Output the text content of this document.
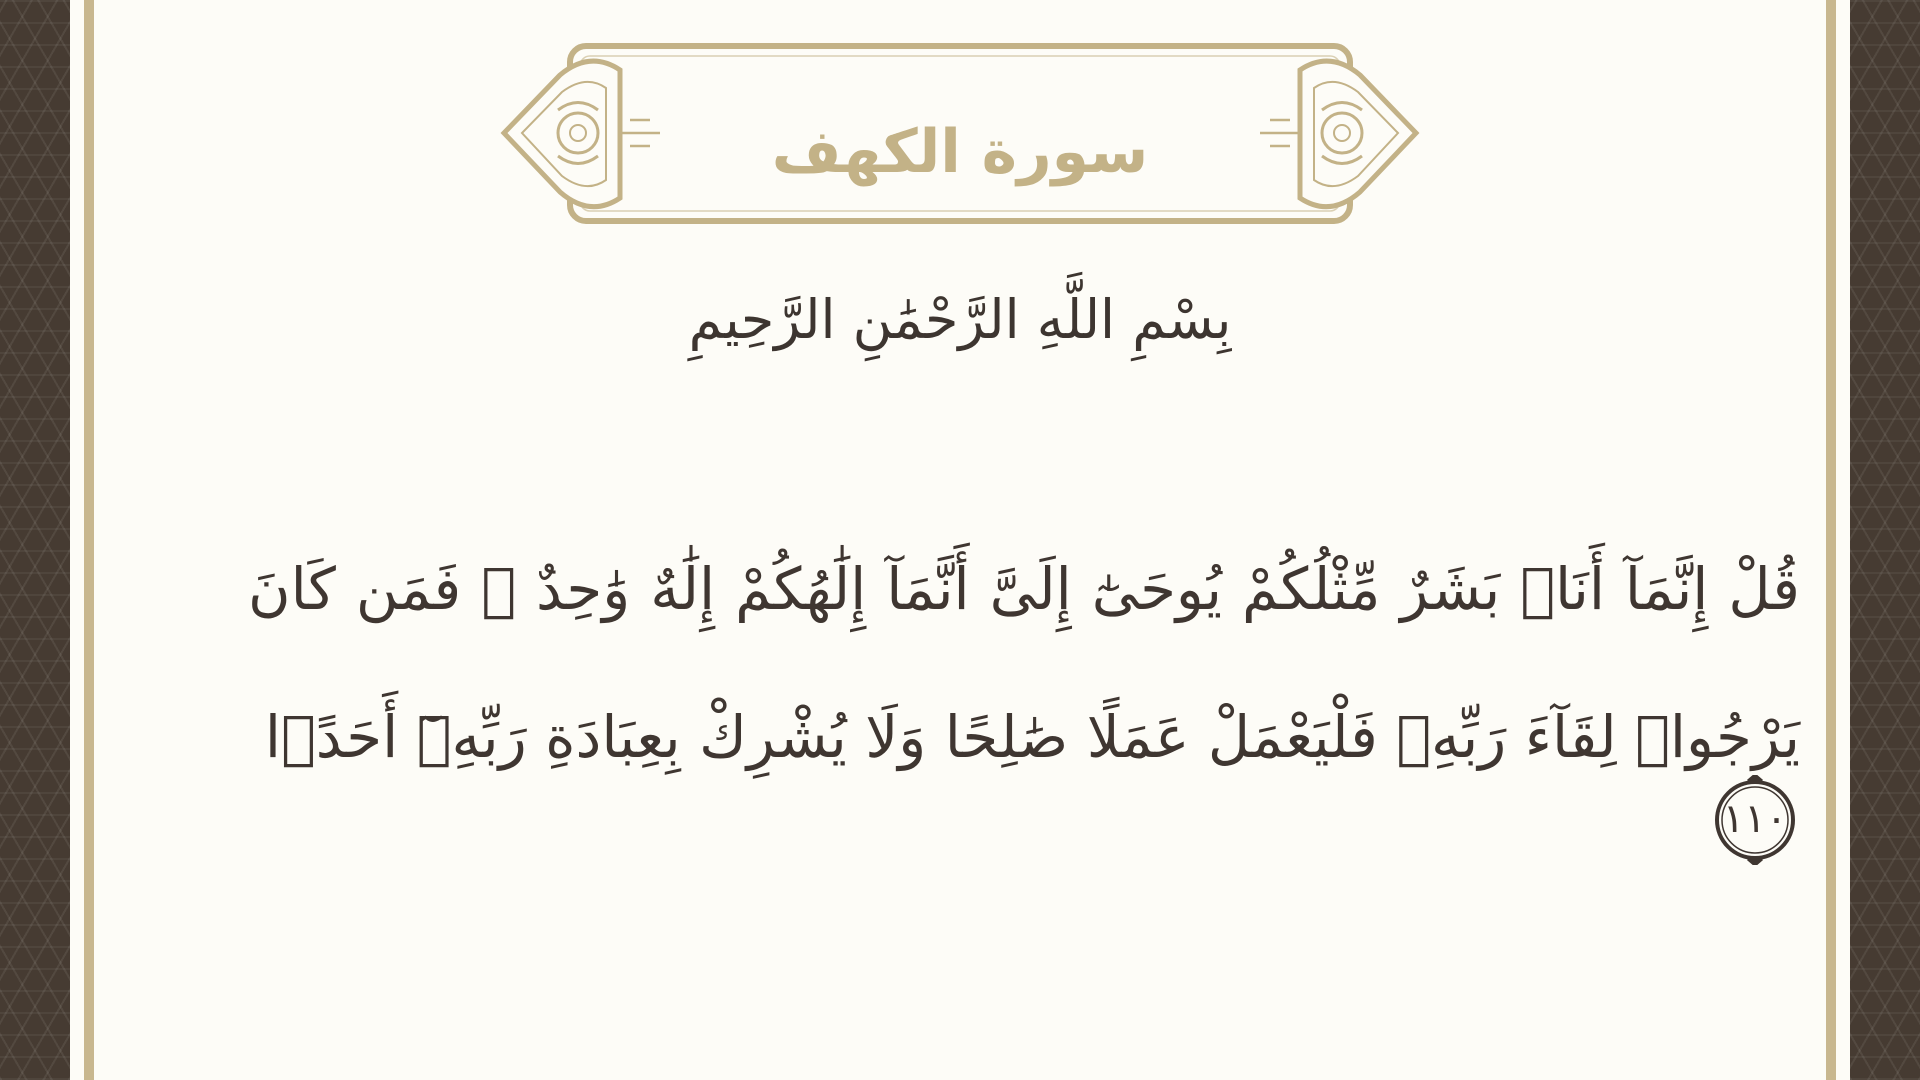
سورة الكهف
بِسْمِ اللَّهِ الرَّحْمَٰنِ الرَّحِيمِ
قُلْ إِنَّمَآ أَنَا۠ بَشَرٌ مِّثْلُكُمْ يُوحَىٰٓ إِلَىَّ أَنَّمَآ إِلَٰهُكُمْ إِلَٰهٌ وَٰحِدٌ ۖ فَمَن كَانَ يَرْجُوا۟ لِقَآءَ رَبِّهِۦ فَلْيَعْمَلْ عَمَلًا صَٰلِحًا وَلَا يُشْرِكْ بِعِبَادَةِ رَبِّهِۦٓ أَحَدًۢا
١١٠
